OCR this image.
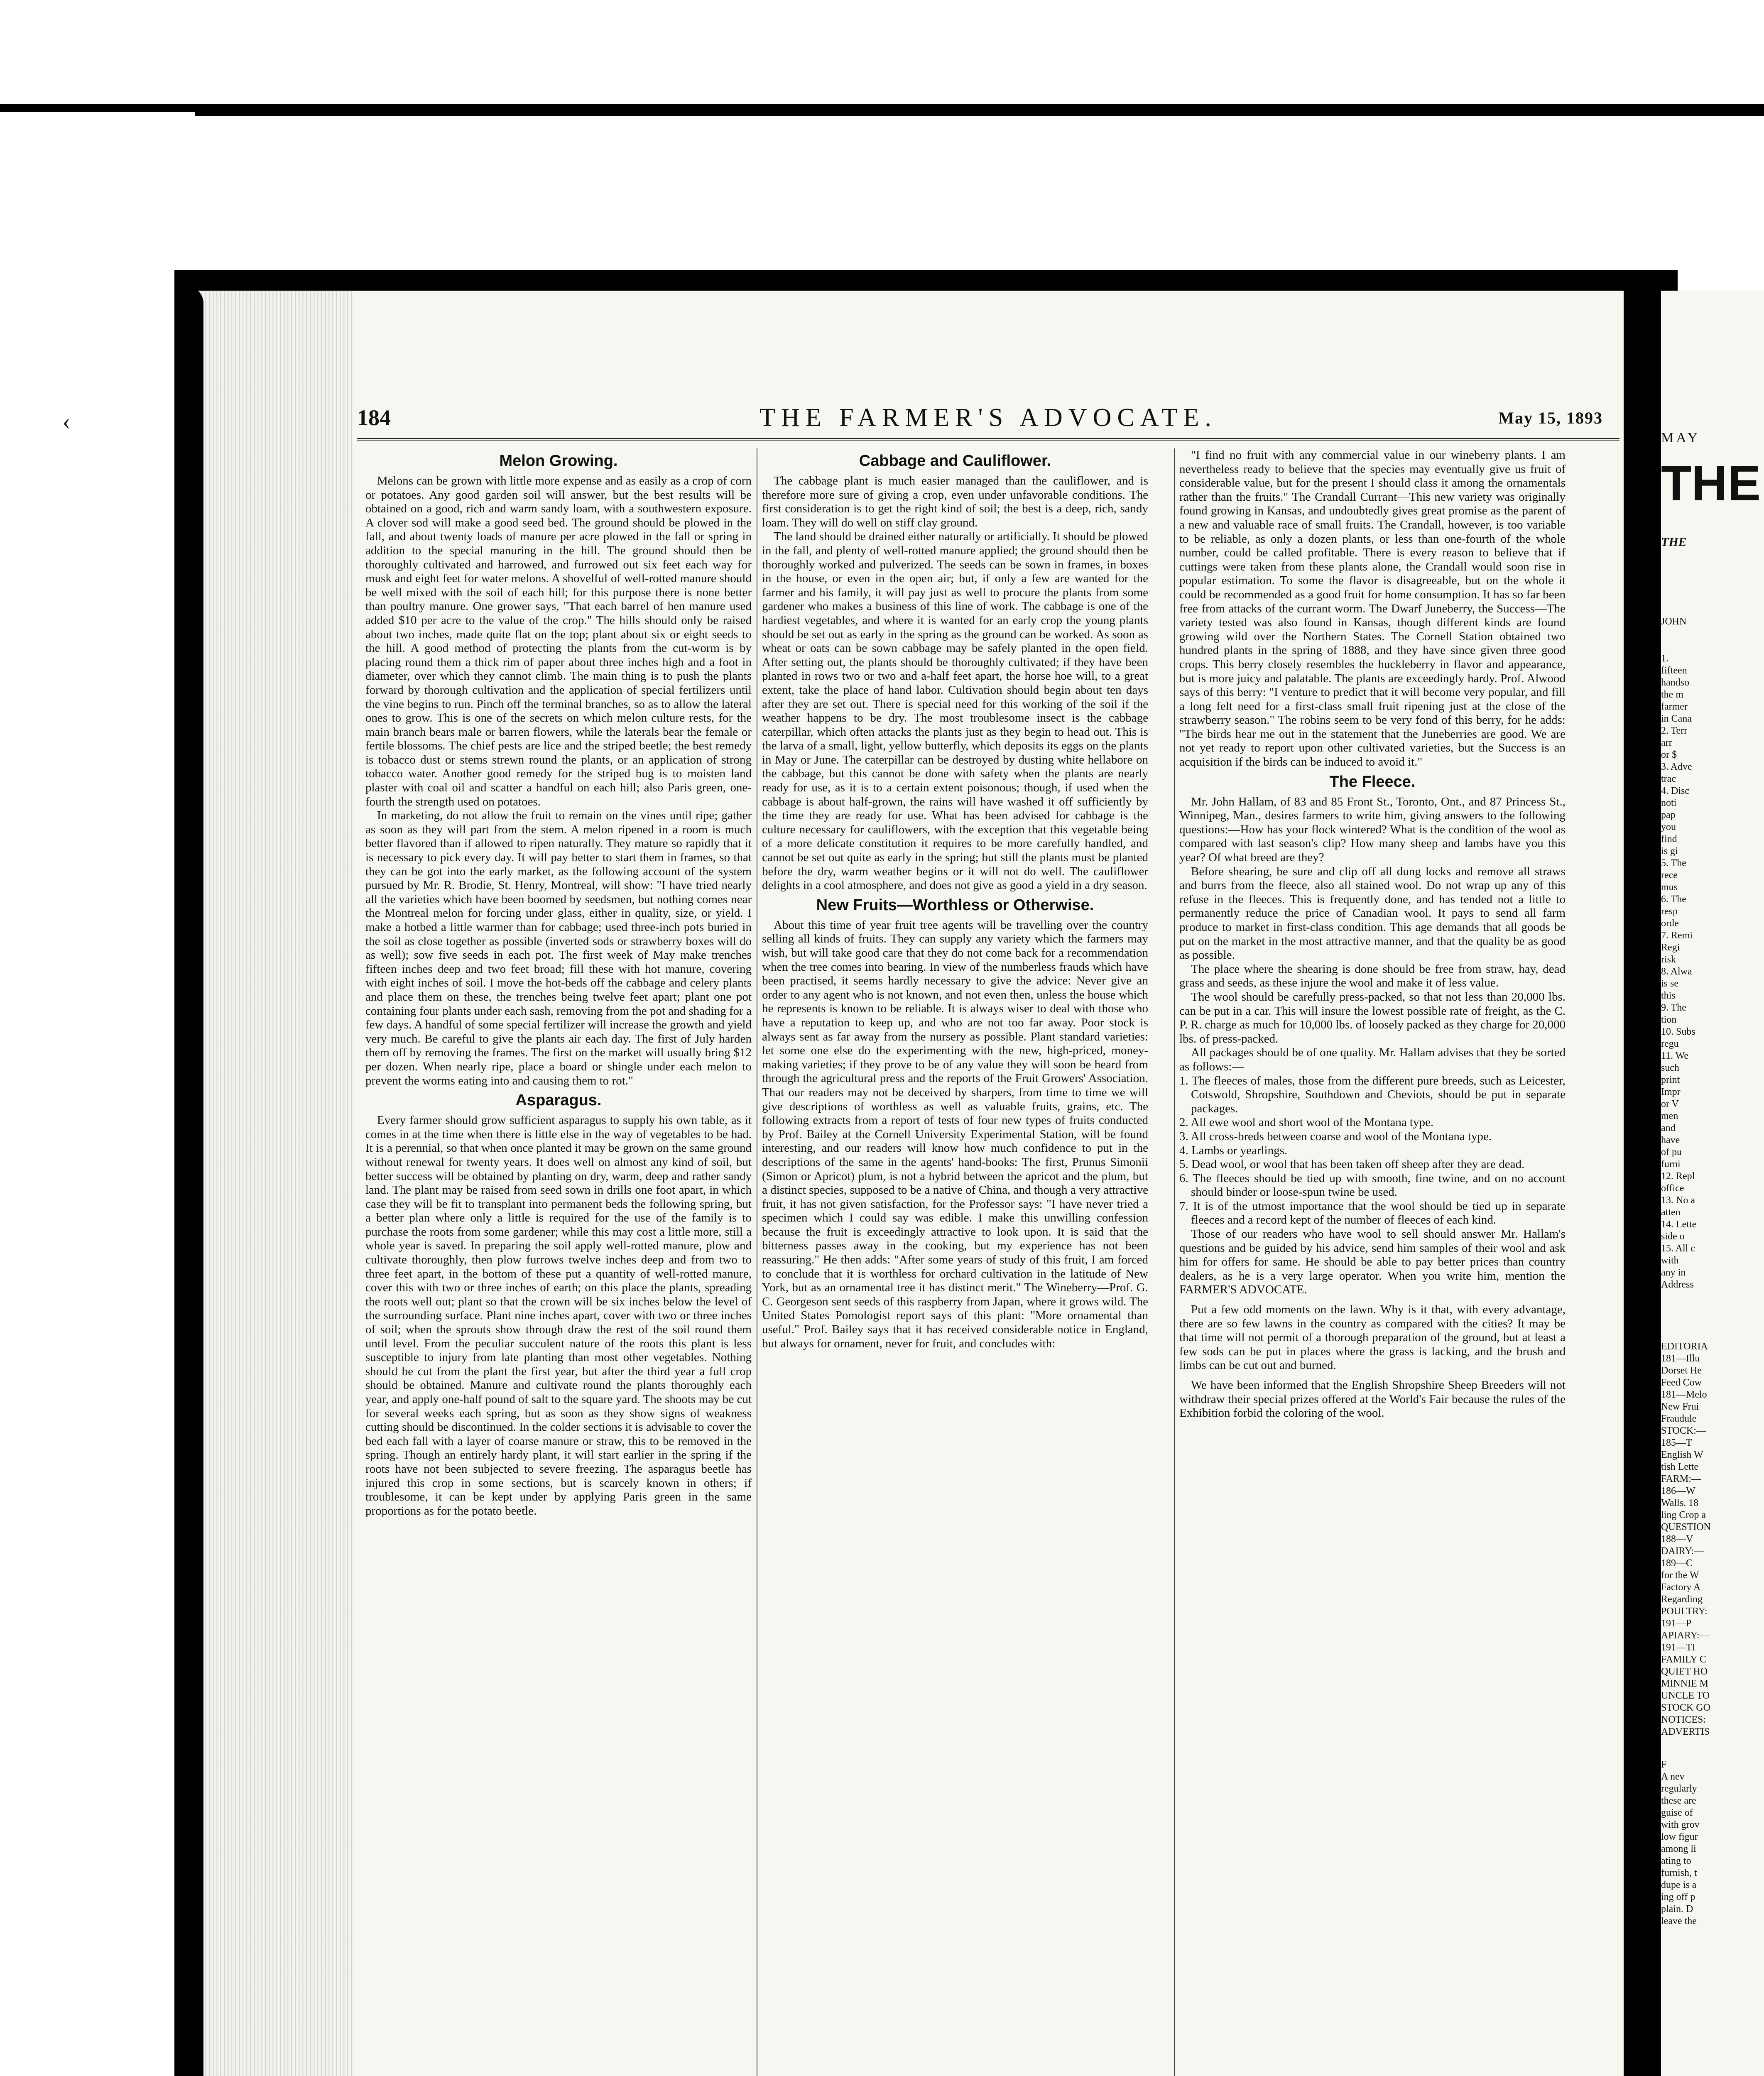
MAY
THE
THE
JOHN
1.
fifteen
handso
the m
farmer
in Cana
2. Terr
arr
or $
3. Adve
trac
4. Disc
noti
pap
you
find
is gi
5. The
rece
mus
6. The
resp
orde
7. Remi
Regi
risk
8. Alwa
is se
this
9. The
tion
10. Subs
regu
11. We
such
print
Impr
or V
men
and
have
of pu
furni
12. Repl
office
13. No a
atten
14. Lette
side o
15. All c
with
any in
Address
EDITORIA
181—Illu
Dorset He
Feed Cow
181—Melo
New Frui
Fraudule
STOCK:—
185—T
English W
tish Lette
FARM:—
186—W
Walls. 18
ling Crop a
QUESTION
188—V
DAIRY:—
189—C
for the W
Factory A
Regarding
POULTRY:
191—P
APIARY:—
191—TI
FAMILY C
QUIET HO
MINNIE M
UNCLE TO
STOCK GO
NOTICES:
ADVERTIS
F
A nev
regularly
these are
guise of
with grov
low figur
among li
ating to
furnish, t
dupe is a
ing off p
plain. D
leave the
184	THE FARMER'S ADVOCATE.	May 15, 1893
Melon Growing.

Melons can be grown with little more expense and as easily as a crop of corn or potatoes. Any good garden soil will answer, but the best results will be obtained on a good, rich and warm sandy loam, with a southwestern exposure. A clover sod will make a good seed bed. The ground should be plowed in the fall, and about twenty loads of manure per acre plowed in the fall or spring in addition to the special manuring in the hill. The ground should then be thoroughly cultivated and harrowed, and furrowed out six feet each way for musk and eight feet for water melons. A shovelful of well-rotted manure should be well mixed with the soil of each hill; for this purpose there is none better than poultry manure. One grower says, "That each barrel of hen manure used added $10 per acre to the value of the crop." The hills should only be raised about two inches, made quite flat on the top; plant about six or eight seeds to the hill. A good method of protecting the plants from the cut-worm is by placing round them a thick rim of paper about three inches high and a foot in diameter, over which they cannot climb. The main thing is to push the plants forward by thorough cultivation and the application of special fertilizers until the vine begins to run. Pinch off the terminal branches, so as to allow the lateral ones to grow. This is one of the secrets on which melon culture rests, for the main branch bears male or barren flowers, while the laterals bear the female or fertile blossoms. The chief pests are lice and the striped beetle; the best remedy is tobacco dust or stems strewn round the plants, or an application of strong tobacco water. Another good remedy for the striped bug is to moisten land plaster with coal oil and scatter a handful on each hill; also Paris green, one-fourth the strength used on potatoes.

In marketing, do not allow the fruit to remain on the vines until ripe; gather as soon as they will part from the stem. A melon ripened in a room is much better flavored than if allowed to ripen naturally. They mature so rapidly that it is necessary to pick every day. It will pay better to start them in frames, so that they can be got into the early market, as the following account of the system pursued by Mr. R. Brodie, St. Henry, Montreal, will show: "I have tried nearly all the varieties which have been boomed by seedsmen, but nothing comes near the Montreal melon for forcing under glass, either in quality, size, or yield. I make a hotbed a little warmer than for cabbage; used three-inch pots buried in the soil as close together as possible (inverted sods or strawberry boxes will do as well); sow five seeds in each pot. The first week of May make trenches fifteen inches deep and two feet broad; fill these with hot manure, covering with eight inches of soil. I move the hot-beds off the cabbage and celery plants and place them on these, the trenches being twelve feet apart; plant one pot containing four plants under each sash, removing from the pot and shading for a few days. A handful of some special fertilizer will increase the growth and yield very much. Be careful to give the plants air each day. The first of July harden them off by removing the frames. The first on the market will usually bring $12 per dozen. When nearly ripe, place a board or shingle under each melon to prevent the worms eating into and causing them to rot."

Asparagus.

Every farmer should grow sufficient asparagus to supply his own table, as it comes in at the time when there is little else in the way of vegetables to be had. It is a perennial, so that when once planted it may be grown on the same ground without renewal for twenty years. It does well on almost any kind of soil, but better success will be obtained by planting on dry, warm, deep and rather sandy land. The plant may be raised from seed sown in drills one foot apart, in which case they will be fit to transplant into permanent beds the following spring, but a better plan where only a little is required for the use of the family is to purchase the roots from some gardener; while this may cost a little more, still a whole year is saved. In preparing the soil apply well-rotted manure, plow and cultivate thoroughly, then plow furrows twelve inches deep and from two to three feet apart, in the bottom of these put a quantity of well-rotted manure, cover this with two or three inches of earth; on this place the plants, spreading the roots well out; plant so that the crown will be six inches below the level of the surrounding surface. Plant nine inches apart, cover with two or three inches of soil; when the sprouts show through draw the rest of the soil round them until level. From the peculiar succulent nature of the roots this plant is less susceptible to injury from late planting than most other vegetables. Nothing should be cut from the plant the first year, but after the third year a full crop should be obtained. Manure and cultivate round the plants thoroughly each year, and apply one-half pound of salt to the square yard. The shoots may be cut for several weeks each spring, but as soon as they show signs of weakness cutting should be discontinued. In the colder sections it is advisable to cover the bed each fall with a layer of coarse manure or straw, this to be removed in the spring. Though an entirely hardy plant, it will start earlier in the spring if the roots have not been subjected to severe freezing. The asparagus beetle has injured this crop in some sections, but is scarcely known in others; if troublesome, it can be kept under by applying Paris green in the same proportions as for the potato beetle.

Cabbage and Cauliflower.

The cabbage plant is much easier managed than the cauliflower, and is therefore more sure of giving a crop, even under unfavorable conditions. The first consideration is to get the right kind of soil; the best is a deep, rich, sandy loam. They will do well on stiff clay ground.

The land should be drained either naturally or artificially. It should be plowed in the fall, and plenty of well-rotted manure applied; the ground should then be thoroughly worked and pulverized. The seeds can be sown in frames, in boxes in the house, or even in the open air; but, if only a few are wanted for the farmer and his family, it will pay just as well to procure the plants from some gardener who makes a business of this line of work. The cabbage is one of the hardiest vegetables, and where it is wanted for an early crop the young plants should be set out as early in the spring as the ground can be worked. As soon as wheat or oats can be sown cabbage may be safely planted in the open field. After setting out, the plants should be thoroughly cultivated; if they have been planted in rows two or two and a-half feet apart, the horse hoe will, to a great extent, take the place of hand labor. Cultivation should begin about ten days after they are set out. There is special need for this working of the soil if the weather happens to be dry. The most troublesome insect is the cabbage caterpillar, which often attacks the plants just as they begin to head out. This is the larva of a small, light, yellow butterfly, which deposits its eggs on the plants in May or June. The caterpillar can be destroyed by dusting white hellabore on the cabbage, but this cannot be done with safety when the plants are nearly ready for use, as it is to a certain extent poisonous; though, if used when the cabbage is about half-grown, the rains will have washed it off sufficiently by the time they are ready for use. What has been advised for cabbage is the culture necessary for cauliflowers, with the exception that this vegetable being of a more delicate constitution it requires to be more carefully handled, and cannot be set out quite as early in the spring; but still the plants must be planted before the dry, warm weather begins or it will not do well. The cauliflower delights in a cool atmosphere, and does not give as good a yield in a dry season.

New Fruits—Worthless or Otherwise.

About this time of year fruit tree agents will be travelling over the country selling all kinds of fruits. They can supply any variety which the farmers may wish, but will take good care that they do not come back for a recommendation when the tree comes into bearing. In view of the numberless frauds which have been practised, it seems hardly necessary to give the advice: Never give an order to any agent who is not known, and not even then, unless the house which he represents is known to be reliable. It is always wiser to deal with those who have a reputation to keep up, and who are not too far away. Poor stock is always sent as far away from the nursery as possible. Plant standard varieties: let some one else do the experimenting with the new, high-priced, money-making varieties; if they prove to be of any value they will soon be heard from through the agricultural press and the reports of the Fruit Growers' Association. That our readers may not be deceived by sharpers, from time to time we will give descriptions of worthless as well as valuable fruits, grains, etc. The following extracts from a report of tests of four new types of fruits conducted by Prof. Bailey at the Cornell University Experimental Station, will be found interesting, and our readers will know how much confidence to put in the descriptions of the same in the agents' hand-books: The first, Prunus Simonii (Simon or Apricot) plum, is not a hybrid between the apricot and the plum, but a distinct species, supposed to be a native of China, and though a very attractive fruit, it has not given satisfaction, for the Professor says: "I have never tried a specimen which I could say was edible. I make this unwilling confession because the fruit is exceedingly attractive to look upon. It is said that the bitterness passes away in the cooking, but my experience has not been reassuring." He then adds: "After some years of study of this fruit, I am forced to conclude that it is worthless for orchard cultivation in the latitude of New York, but as an ornamental tree it has distinct merit." The Wineberry—Prof. G. C. Georgeson sent seeds of this raspberry from Japan, where it grows wild. The United States Pomologist report says of this plant: "More ornamental than useful." Prof. Bailey says that it has received considerable notice in England, but always for ornament, never for fruit, and concludes with:

"I find no fruit with any commercial value in our wineberry plants. I am nevertheless ready to believe that the species may eventually give us fruit of considerable value, but for the present I should class it among the ornamentals rather than the fruits." The Crandall Currant—This new variety was originally found growing in Kansas, and undoubtedly gives great promise as the parent of a new and valuable race of small fruits. The Crandall, however, is too variable to be reliable, as only a dozen plants, or less than one-fourth of the whole number, could be called profitable. There is every reason to believe that if cuttings were taken from these plants alone, the Crandall would soon rise in popular estimation. To some the flavor is disagreeable, but on the whole it could be recommended as a good fruit for home consumption. It has so far been free from attacks of the currant worm. The Dwarf Juneberry, the Success—The variety tested was also found in Kansas, though different kinds are found growing wild over the Northern States. The Cornell Station obtained two hundred plants in the spring of 1888, and they have since given three good crops. This berry closely resembles the huckleberry in flavor and appearance, but is more juicy and palatable. The plants are exceedingly hardy. Prof. Alwood says of this berry: "I venture to predict that it will become very popular, and fill a long felt need for a first-class small fruit ripening just at the close of the strawberry season." The robins seem to be very fond of this berry, for he adds: "The birds hear me out in the statement that the Juneberries are good. We are not yet ready to report upon other cultivated varieties, but the Success is an acquisition if the birds can be induced to avoid it."

The Fleece.

Mr. John Hallam, of 83 and 85 Front St., Toronto, Ont., and 87 Princess St., Winnipeg, Man., desires farmers to write him, giving answers to the following questions:—How has your flock wintered? What is the condition of the wool as compared with last season's clip? How many sheep and lambs have you this year? Of what breed are they?

Before shearing, be sure and clip off all dung locks and remove all straws and burrs from the fleece, also all stained wool. Do not wrap up any of this refuse in the fleeces. This is frequently done, and has tended not a little to permanently reduce the price of Canadian wool. It pays to send all farm produce to market in first-class condition. This age demands that all goods be put on the market in the most attractive manner, and that the quality be as good as possible.

The place where the shearing is done should be free from straw, hay, dead grass and seeds, as these injure the wool and make it of less value.

The wool should be carefully press-packed, so that not less than 20,000 lbs. can be put in a car. This will insure the lowest possible rate of freight, as the C. P. R. charge as much for 10,000 lbs. of loosely packed as they charge for 20,000 lbs. of press-packed.

All packages should be of one quality. Mr. Hallam advises that they be sorted as follows:—

1. The fleeces of males, those from the different pure breeds, such as Leicester, Cotswold, Shropshire, Southdown and Cheviots, should be put in separate packages.

2. All ewe wool and short wool of the Montana type.

3. All cross-breds between coarse and wool of the Montana type.

4. Lambs or yearlings.

5. Dead wool, or wool that has been taken off sheep after they are dead.

6. The fleeces should be tied up with smooth, fine twine, and on no account should binder or loose-spun twine be used.

7. It is of the utmost importance that the wool should be tied up in separate fleeces and a record kept of the number of fleeces of each kind.

Those of our readers who have wool to sell should answer Mr. Hallam's questions and be guided by his advice, send him samples of their wool and ask him for offers for same. He should be able to pay better prices than country dealers, as he is a very large operator. When you write him, mention the FARMER'S ADVOCATE.

Put a few odd moments on the lawn. Why is it that, with every advantage, there are so few lawns in the country as compared with the cities? It may be that time will not permit of a thorough preparation of the ground, but at least a few sods can be put in places where the grass is lacking, and the brush and limbs can be cut out and burned.

We have been informed that the English Shropshire Sheep Breeders will not withdraw their special prizes offered at the World's Fair because the rules of the Exhibition forbid the coloring of the wool.

‹
